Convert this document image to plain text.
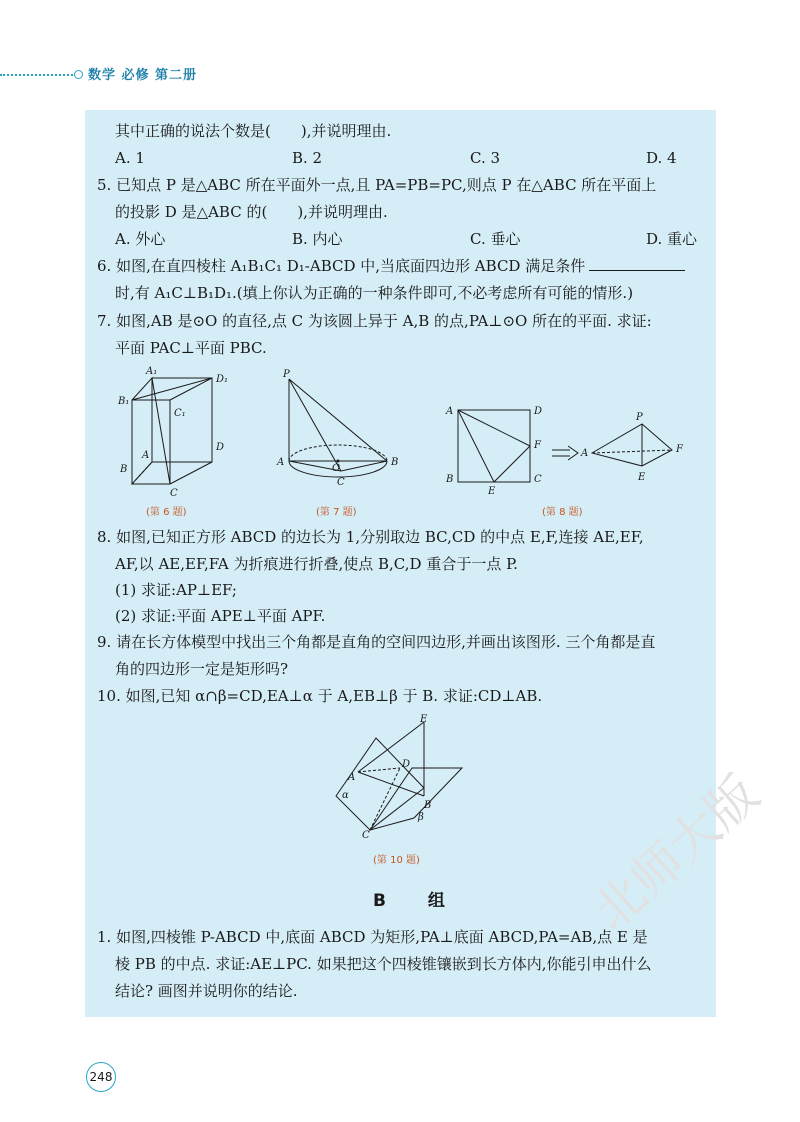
数学 必修 第二册
其中正确的说法个数是(　　),并说明理由.
A. 1	B. 2	C. 3	D. 4
5. 已知点 P 是△ABC 所在平面外一点,且 PA=PB=PC,则点 P 在△ABC 所在平面上
的投影 D 是△ABC 的(　　),并说明理由.
A. 外心	B. 内心	C. 垂心	D. 重心
6. 如图,在直四棱柱 A₁B₁C₁ D₁-ABCD 中,当底面四边形 ABCD 满足条件
时,有 A₁C⊥B₁D₁.(填上你认为正确的一种条件即可,不必考虑所有可能的情形.)
7. 如图,AB 是⊙O 的直径,点 C 为该圆上异于 A,B 的点,PA⊥⊙O 所在的平面. 求证:
平面 PAC⊥平面 PBC.
A₁
D₁
B₁
C₁
A
D
B
C
(第 6 题)
P
A
O
C
B
(第 7 题)
A	D
F
B
E
C
A
P
F
E
(第 8 题)
8. 如图,已知正方形 ABCD 的边长为 1,分别取边 BC,CD 的中点 E,F,连接 AE,EF,
AF,以 AE,EF,FA 为折痕进行折叠,使点 B,C,D 重合于一点 P.
(1) 求证:AP⊥EF;
(2) 求证:平面 APE⊥平面 APF.
9. 请在长方体模型中找出三个角都是直角的空间四边形,并画出该图形. 三个角都是直
角的四边形一定是矩形吗?
10. 如图,已知 α∩β=CD,EA⊥α 于 A,EB⊥β 于 B. 求证:CD⊥AB.
E
D
A
α
B
β
C
(第 10 题)
B 组
1. 如图,四棱锥 P-ABCD 中,底面 ABCD 为矩形,PA⊥底面 ABCD,PA=AB,点 E 是
棱 PB 的中点. 求证:AE⊥PC. 如果把这个四棱锥镶嵌到长方体内,你能引申出什么
结论? 画图并说明你的结论.
248
北师大版
